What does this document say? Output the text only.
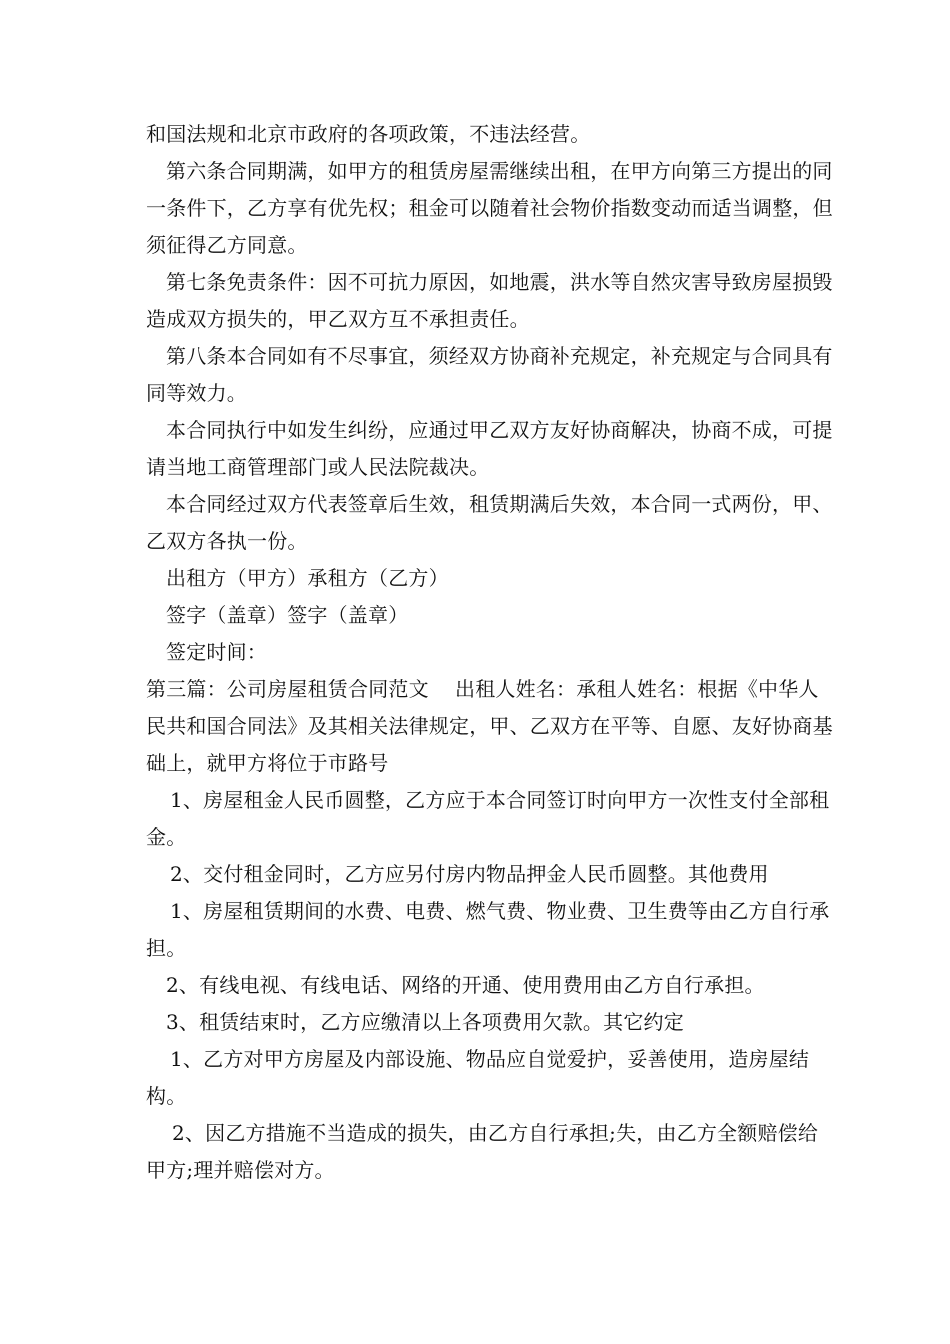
和国法规和北京市政府的各项政策，不违法经营。

第六条合同期满，如甲方的租赁房屋需继续出租，在甲方向第三方提出的同一条件下，乙方享有优先权；租金可以随着社会物价指数变动而适当调整，但须征得乙方同意。

第七条免责条件：因不可抗力原因，如地震，洪水等自然灾害导致房屋损毁造成双方损失的，甲乙双方互不承担责任。

第八条本合同如有不尽事宜，须经双方协商补充规定，补充规定与合同具有同等效力。

本合同执行中如发生纠纷，应通过甲乙双方友好协商解决，协商不成，可提请当地工商管理部门或人民法院裁决。

本合同经过双方代表签章后生效，租赁期满后失效，本合同一式两份，甲、乙双方各执一份。

出租方（甲方）承租方（乙方）

签字（盖章）签字（盖章）

签定时间：

第三篇：公司房屋租赁合同范文    出租人姓名：承租人姓名：根据《中华人民共和国合同法》及其相关法律规定，甲、乙双方在平等、自愿、友好协商基础上，就甲方将位于市路号

1、房屋租金人民币圆整，乙方应于本合同签订时向甲方一次性支付全部租金。

2、交付租金同时，乙方应另付房内物品押金人民币圆整。其他费用

1、房屋租赁期间的水费、电费、燃气费、物业费、卫生费等由乙方自行承担。

2、有线电视、有线电话、网络的开通、使用费用由乙方自行承担。

3、租赁结束时，乙方应缴清以上各项费用欠款。其它约定

1、乙方对甲方房屋及内部设施、物品应自觉爱护，妥善使用，造房屋结构。

2、因乙方措施不当造成的损失，由乙方自行承担;失，由乙方全额赔偿给甲方;理并赔偿对方。
